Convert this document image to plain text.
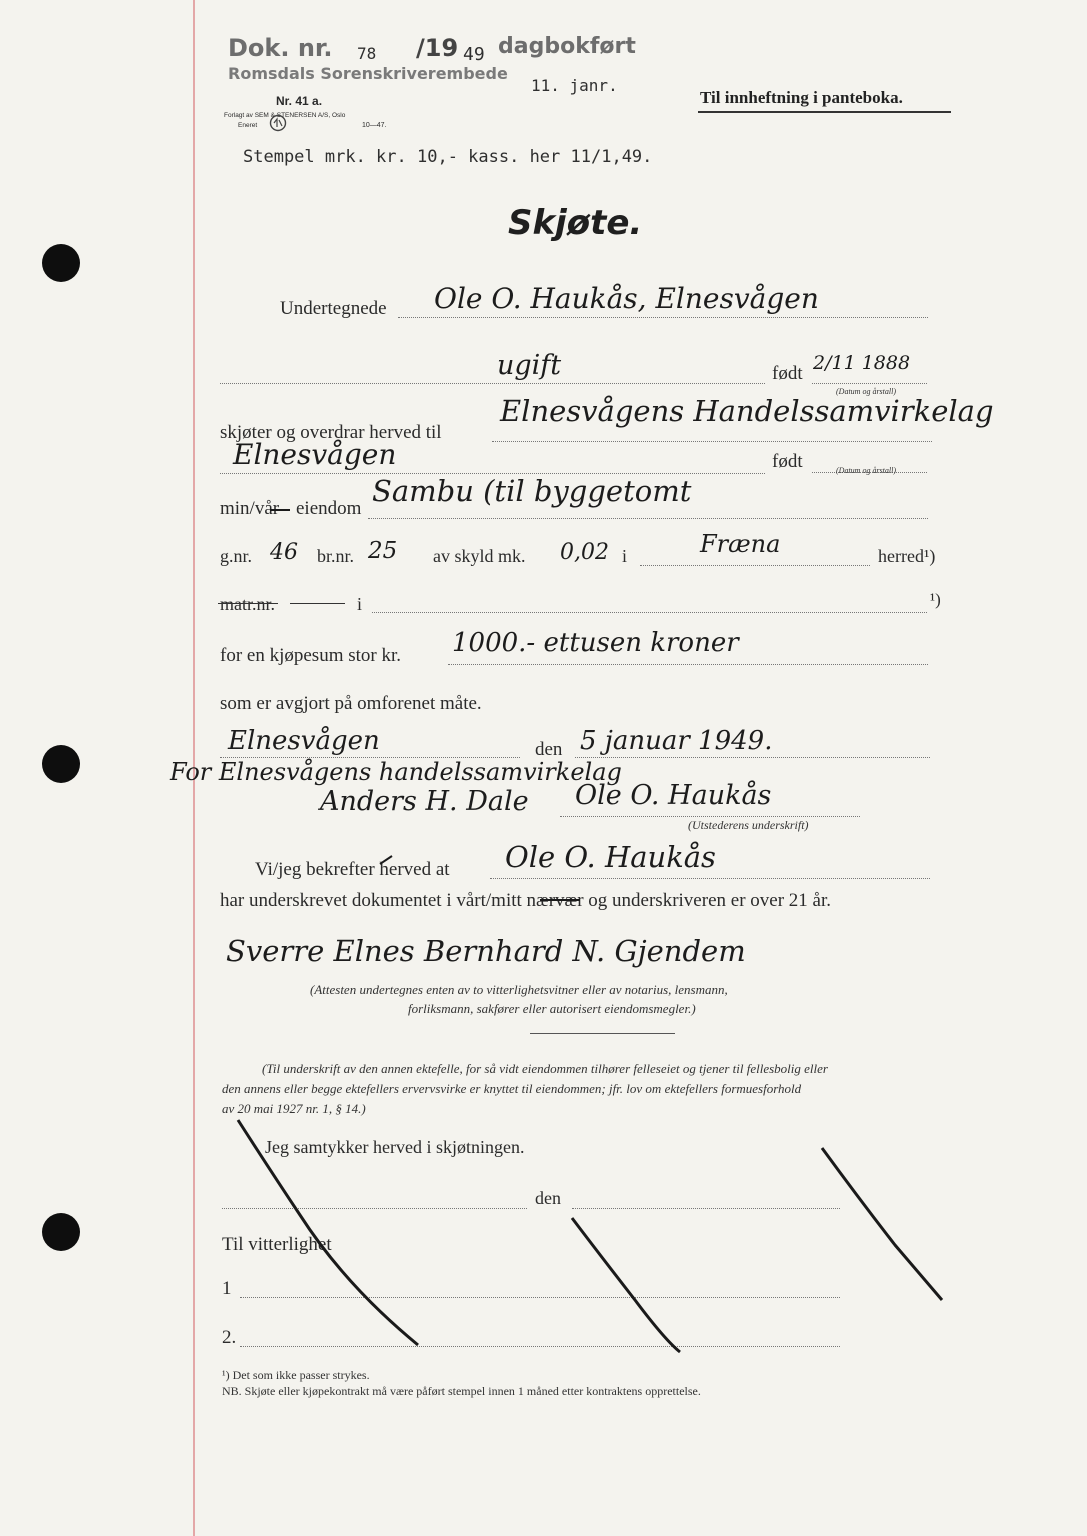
Dok. nr. 78 /19 49 dagbokført
Romsdals Sorenskriverembede
11. janr.
Nr. 41 a.
Forlagt av SEM & STENERSEN A/S, Oslo
Eneret	10—47.
Til innheftning i panteboka.
Stempel mrk. kr. 10,- kass. her 11/1,49.
Skjøte.
Undertegnede Ole O. Haukås, Elnesvågen
ugift	født 2/11 1888
(Datum og årstall)
skjøter og overdrar herved til
Elnesvågens Handelssamvirkelag
Elnesvågen	født	(Datum og årstall)
min/vår eiendom
Sambu (til byggetomt
g.nr. 46 br.nr. 25 av skyld mk. 0,02 i	Fræna	herred¹)
matr.nr.	i	¹)
for en kjøpesum stor kr. 1000.- ettusen kroner
som er avgjort på omforenet måte.
Elnesvågen	den 5 januar 1949.
For Elnesvågens handelssamvirkelag
Anders H. Dale Ole O. Haukås
(Utstederens underskrift)
Vi/jeg bekrefter herved at Ole O. Haukås
har underskrevet dokumentet i vårt/mitt nærvær og underskriveren er over 21 år.
Sverre Elnes Bernhard N. Gjendem
(Attesten undertegnes enten av to vitterlighetsvitner eller av notarius, lensmann,
forliksmann, sakfører eller autorisert eiendomsmegler.)
(Til underskrift av den annen ektefelle, for så vidt eiendommen tilhører felleseiet og tjener til fellesbolig eller
den annens eller begge ektefellers ervervsvirke er knyttet til eiendommen; jfr. lov om ektefellers formuesforhold
av 20 mai 1927 nr. 1, § 14.)
Jeg samtykker herved i skjøtningen.
den
Til vitterlighet
1
2.
¹) Det som ikke passer strykes.
NB. Skjøte eller kjøpekontrakt må være påført stempel innen 1 måned etter kontraktens opprettelse.
